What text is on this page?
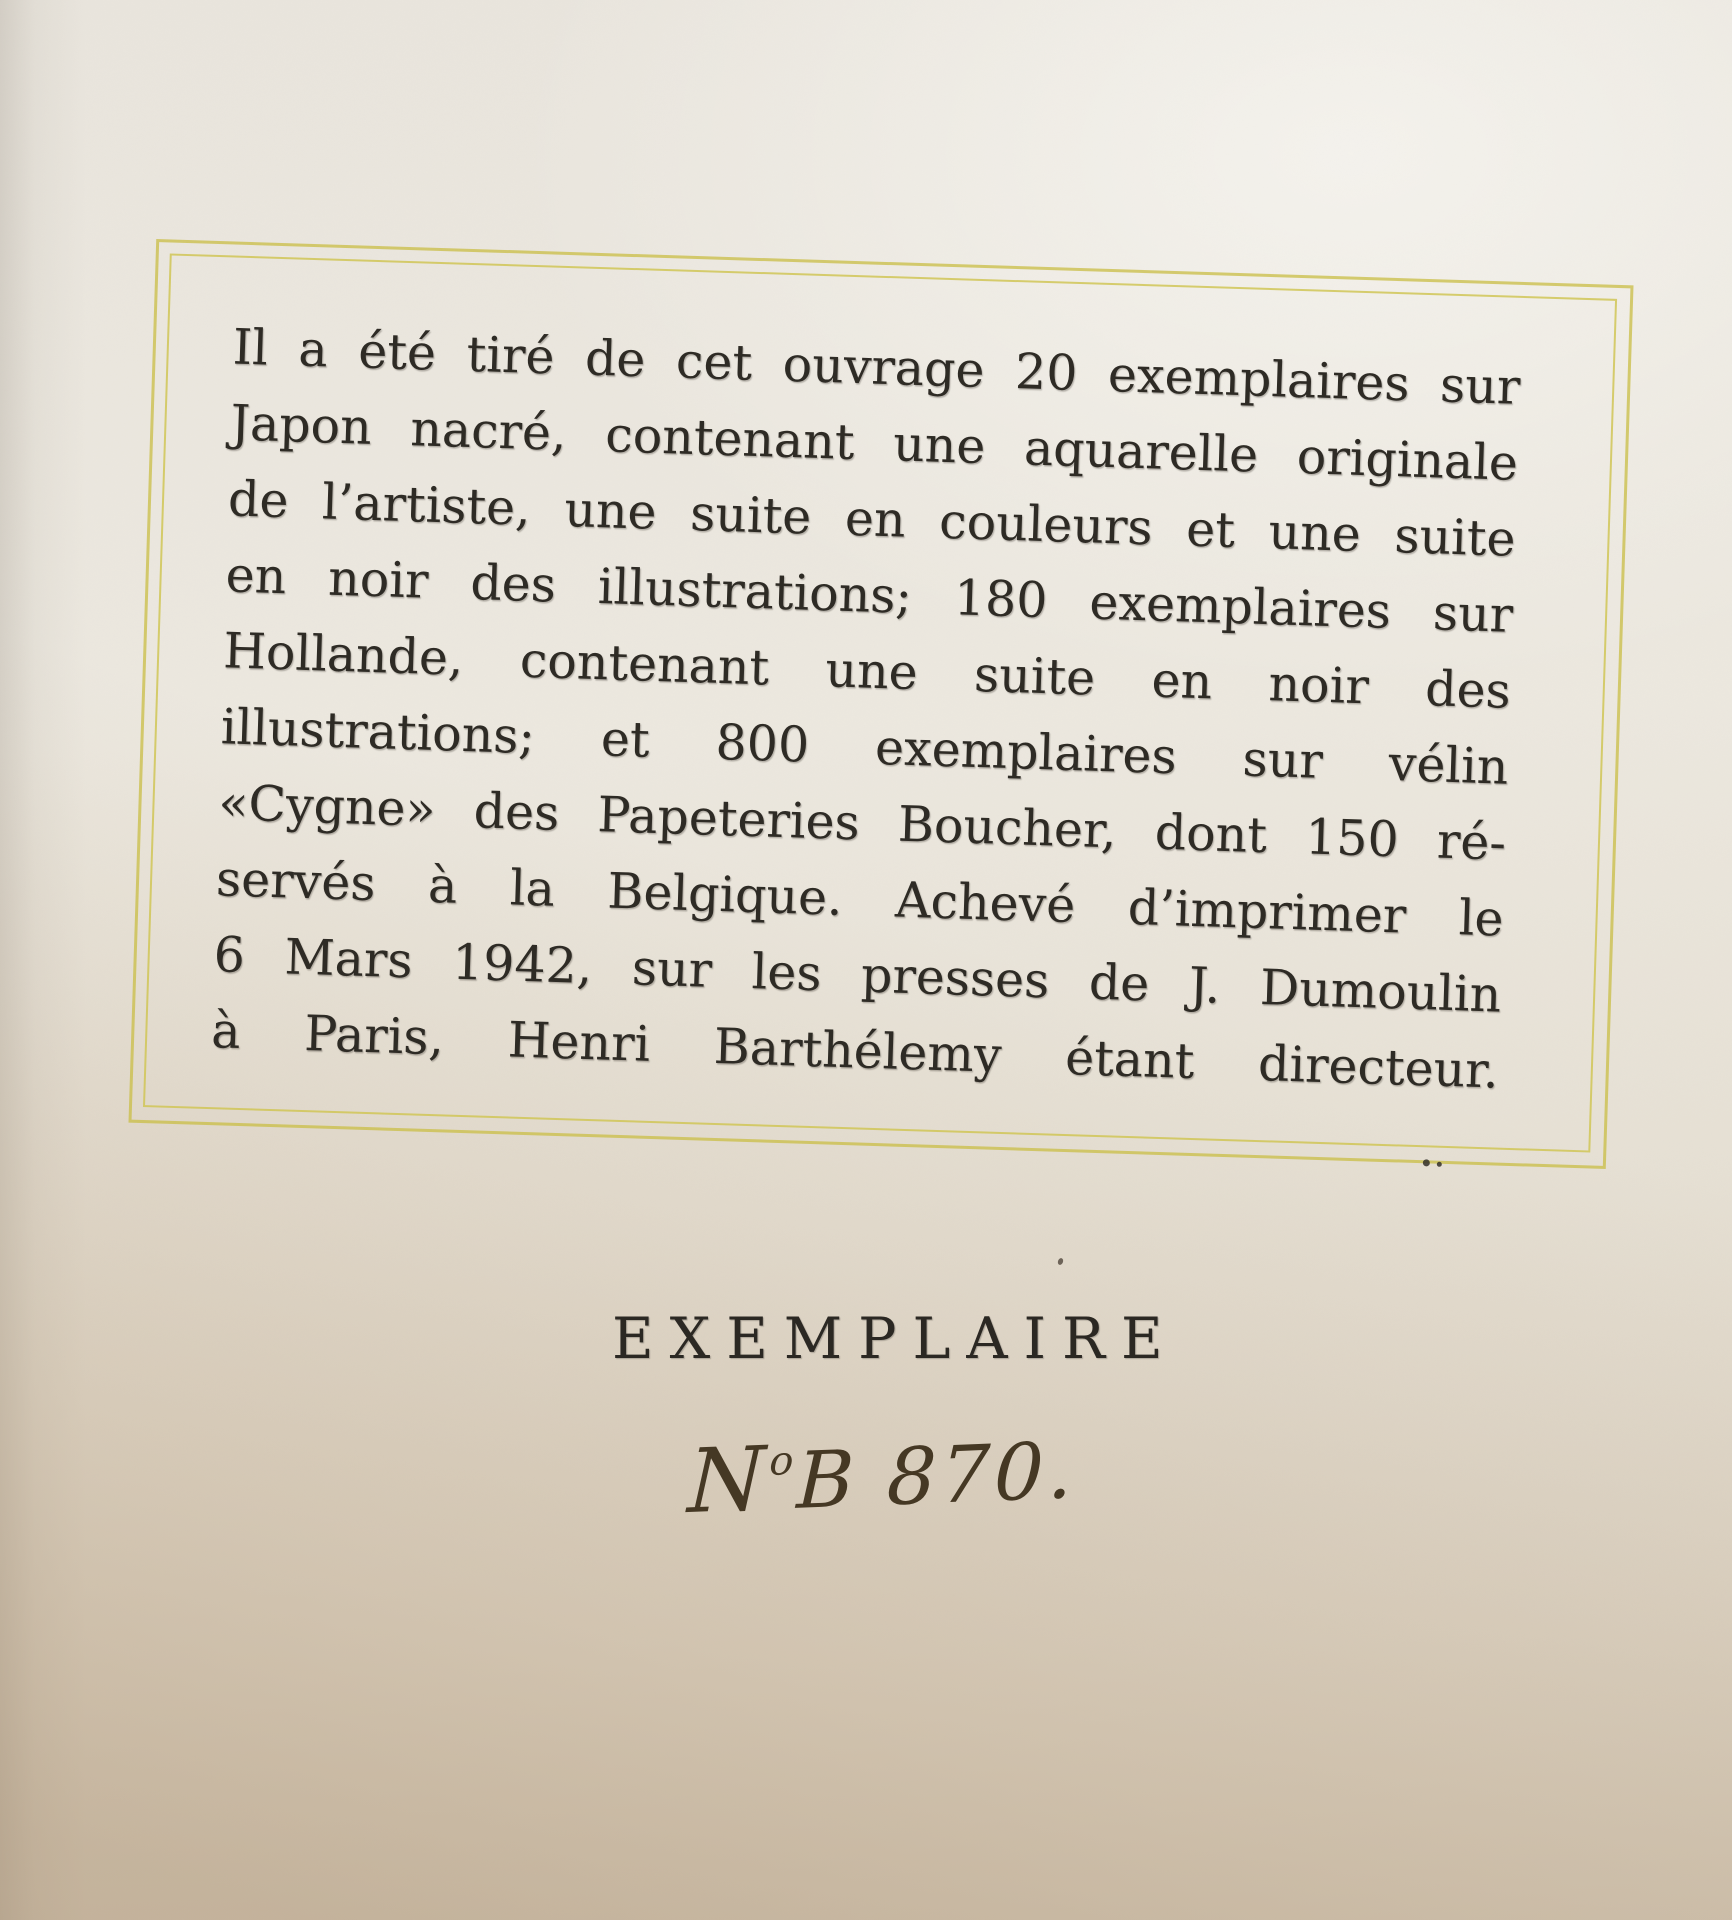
Il a été tiré de cet ouvrage 20 exemplaires sur
Japon nacré, contenant une aquarelle originale
de l’artiste, une suite en couleurs et une suite
en noir des illustrations; 180 exemplaires sur
Hollande, contenant une suite en noir des
illustrations; et 800 exemplaires sur vélin
«Cygne» des Papeteries Boucher, dont 150 ré-
servés à la Belgique. Achevé d’imprimer le
6 Mars 1942, sur les presses de J. Dumoulin
à Paris, Henri Barthélemy étant directeur.
EXEMPLAIRE
$N^oB$ 870.
